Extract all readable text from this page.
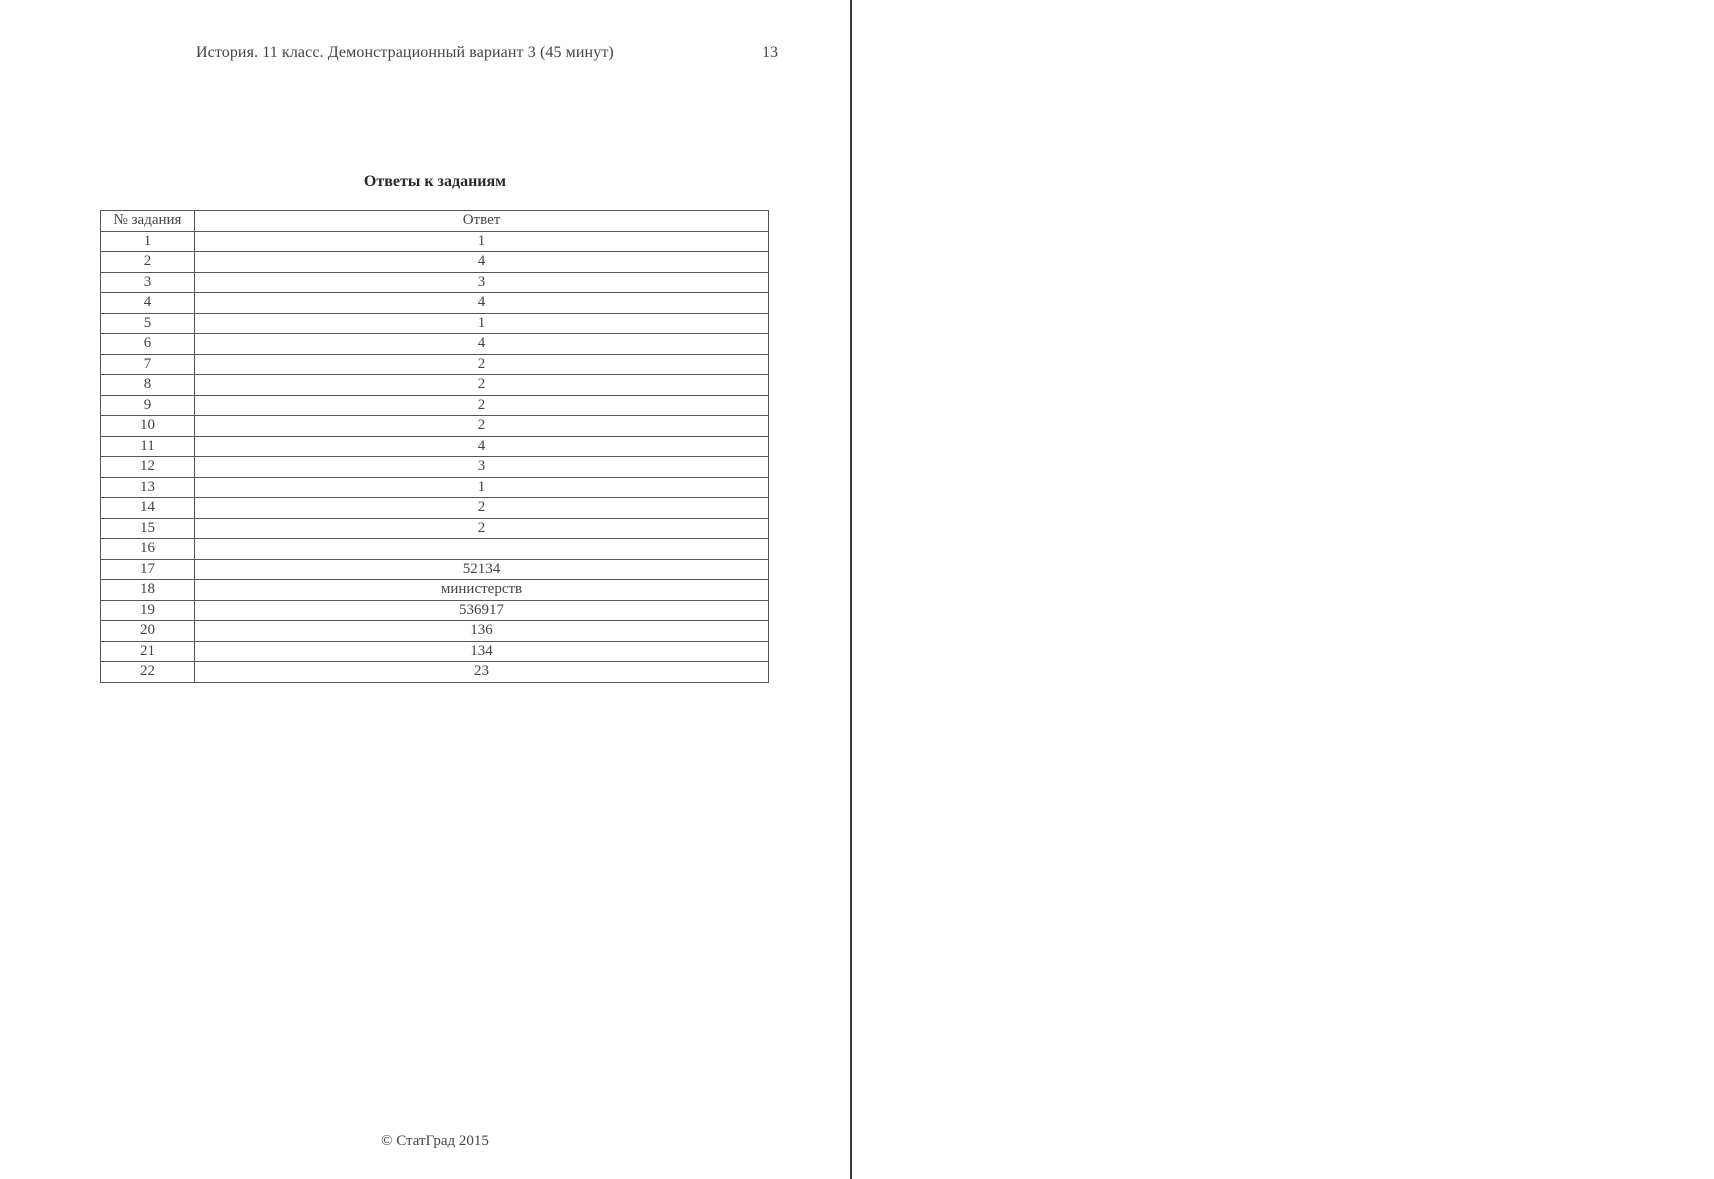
История. 11 класс. Демонстрационный вариант 3 (45 минут)	13
Ответы к заданиям
№ задания	Ответ
1	1
2	4
3	3
4	4
5	1
6	4
7	2
8	2
9	2
10	2
11	4
12	3
13	1
14	2
15	2
16	
17	52134
18	министерств
19	536917
20	136
21	134
22	23
© СтатГрад 2015
